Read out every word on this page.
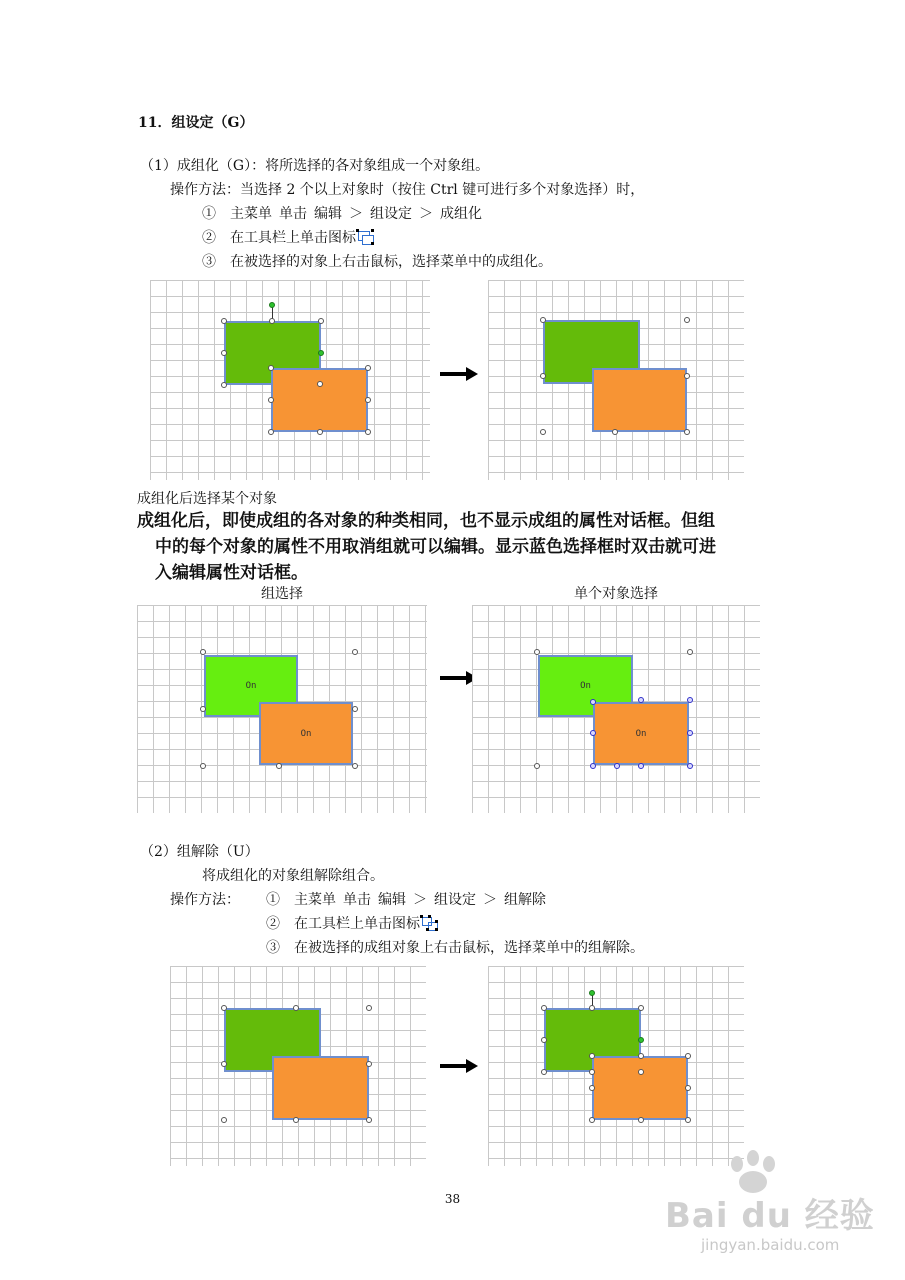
11．组设定（G）
（1）成组化（G）：将所选择的各对象组成一个对象组。
操作方法：当选择 2 个以上对象时（按住 Ctrl 键可进行多个对象选择）时，
①　主菜单 单击 编辑 ＞ 组设定 ＞ 成组化
②　在工具栏上单击图标
③　在被选择的对象上右击鼠标，选择菜单中的成组化。
成组化后选择某个对象
成组化后，即使成组的各对象的种类相同，也不显示成组的属性对话框。但组
中的每个对象的属性不用取消组就可以编辑。显示蓝色选择框时双击就可进
入编辑属性对话框。
组选择	单个对象选择
On
On
On
On
（2）组解除（U）
将成组化的对象组解除组合。
操作方法： ①　主菜单 单击 编辑 ＞ 组设定 ＞ 组解除
②　在工具栏上单击图标
③　在被选择的成组对象上右击鼠标，选择菜单中的组解除。
38	Bai du 经验
jingyan.baidu.com
